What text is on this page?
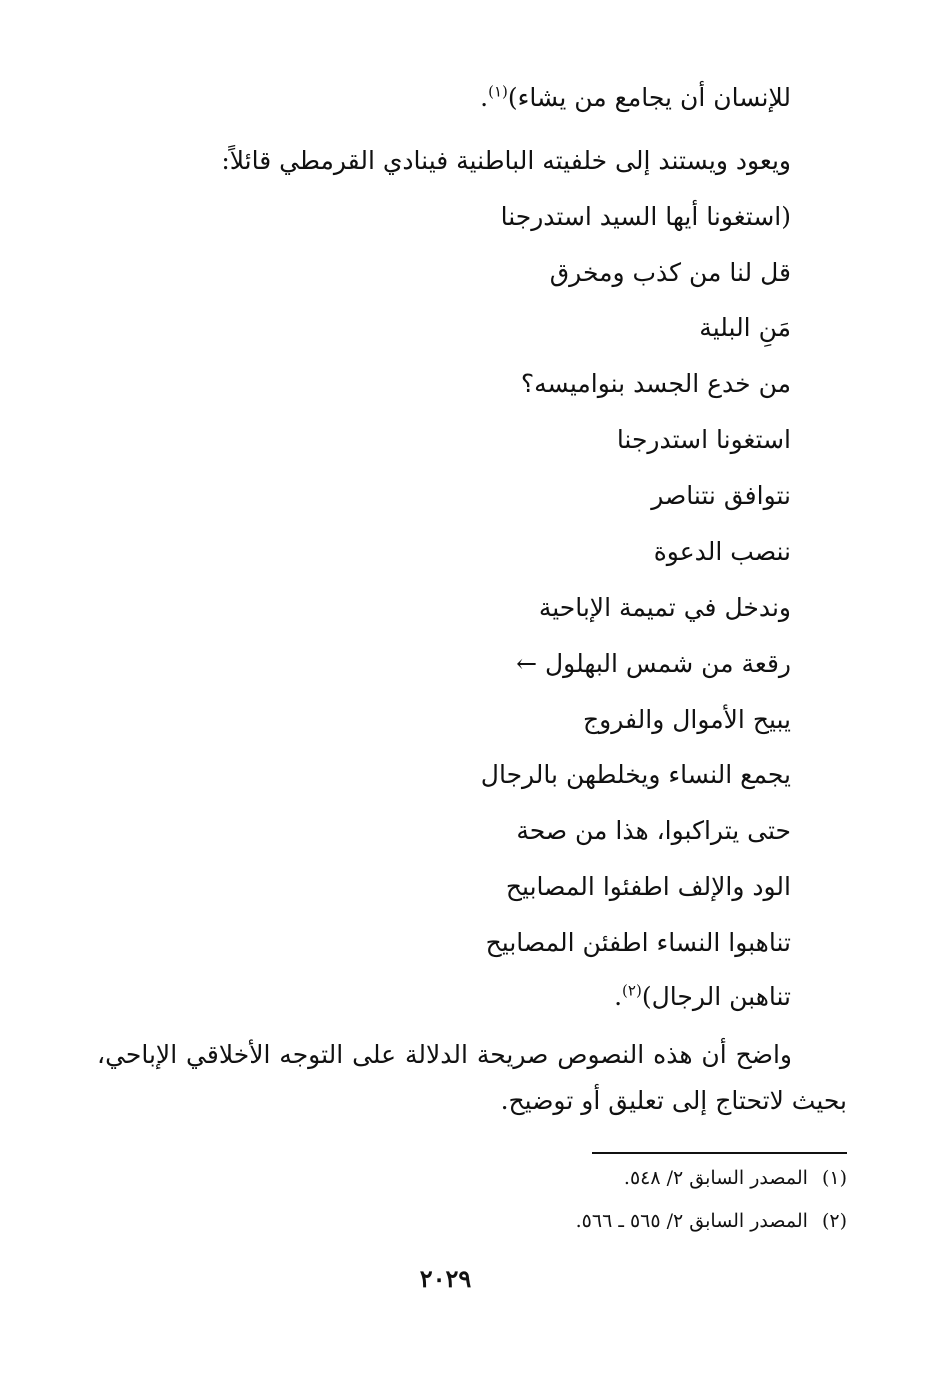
للإنسان أن يجامع من يشاء)$^{(١)}$.
ويعود ويستند إلى خلفيته الباطنية فينادي القرمطي قائلاً:
(استغونا أيها السيد استدرجنا
قل لنا من كذب ومخرق
مَنِ البلية
من خدع الجسد بنواميسه؟
استغونا استدرجنا
نتوافق نتناصر
ننصب الدعوة
وندخل في تميمة الإباحية
رقعة من شمس البهلول ←
يبيح الأموال والفروج
يجمع النساء ويخلطهن بالرجال
حتى يتراكبوا، هذا من صحة
الود والإلف اطفئوا المصابيح
تناهبوا النساء اطفئن المصابيح
تناهبن الرجال)$^{(٢)}$.
واضح أن هذه النصوص صريحة الدلالة على التوجه الأخلاقي الإباحي، بحيث لاتحتاج إلى تعليق أو توضيح.
(١)المصدر السابق ٢/ ٥٤٨.
(٢)المصدر السابق ٢/ ٥٦٥ ـ ٥٦٦.
٢٠٢٩
